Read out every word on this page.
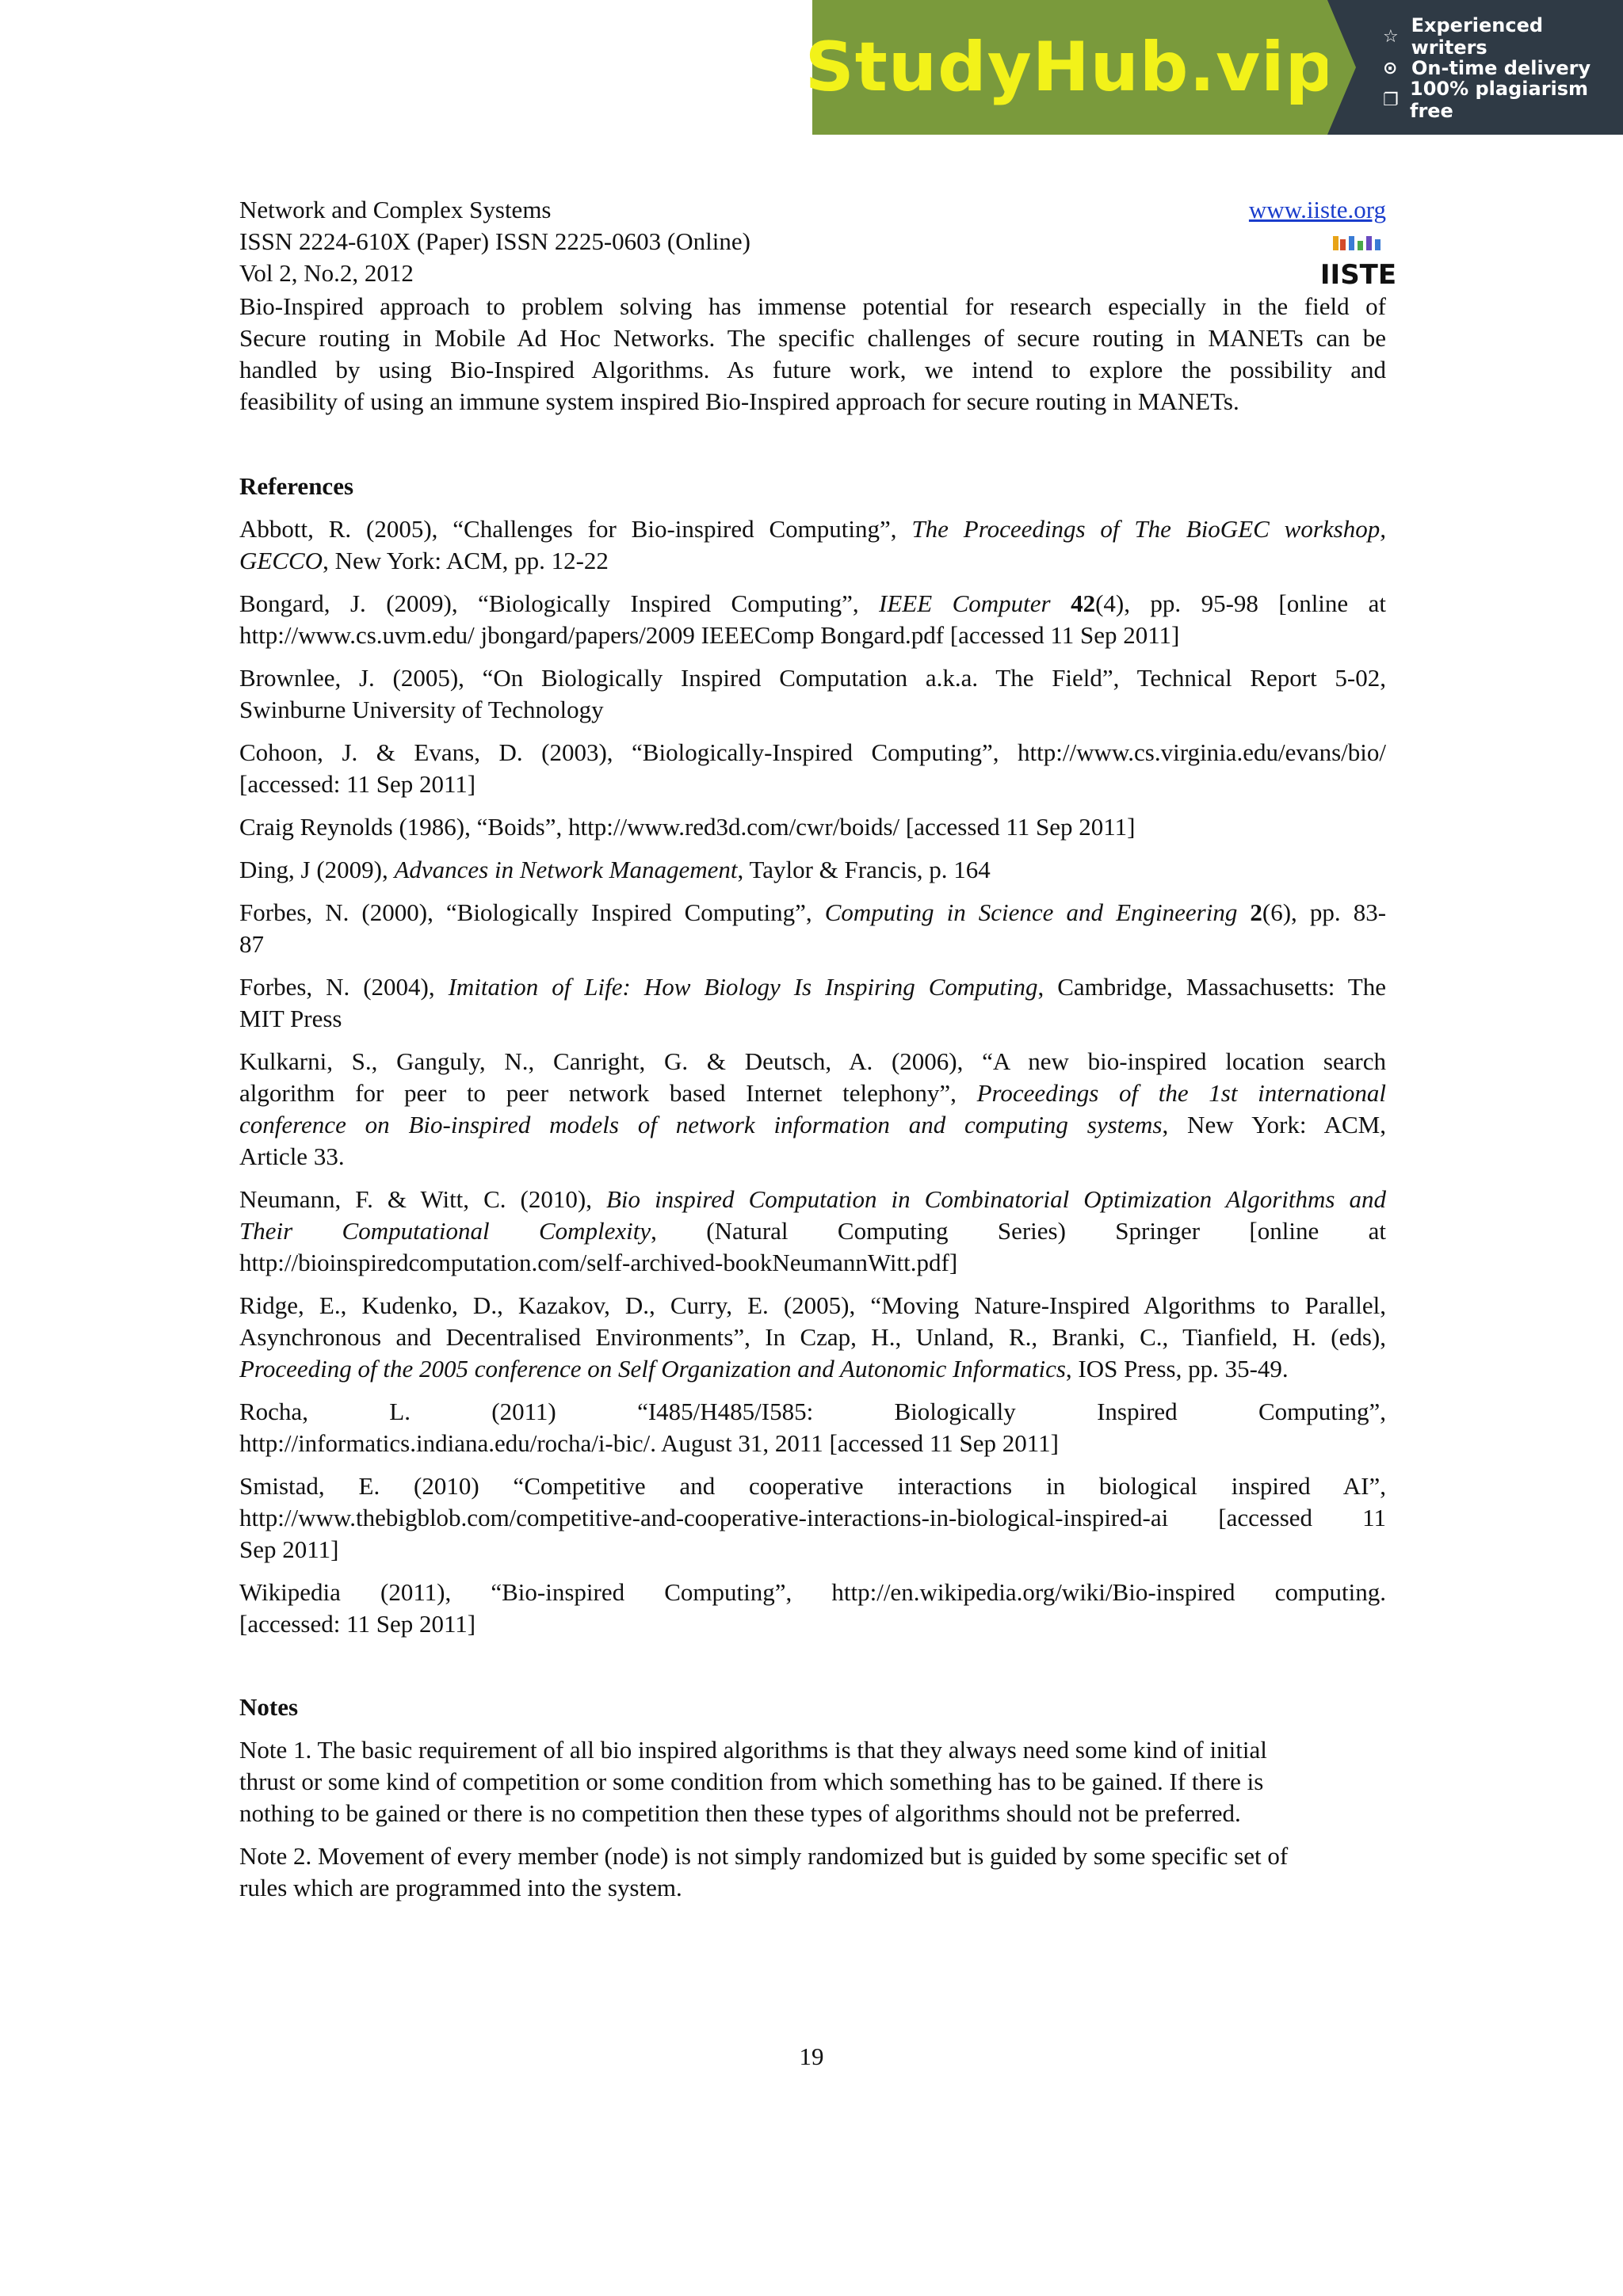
StudyHub.vip	☆ Experienced writers
⊙ On-time delivery
❐ 100% plagiarism free
Network and Complex Systems	www.iiste.org
ISSN 2224-610X (Paper) ISSN 2225-0603 (Online)
Vol 2, No.2, 2012	IISTE
Bio-Inspired approach to problem solving has immense potential for research especially in the field of
Secure routing in Mobile Ad Hoc Networks. The specific challenges of secure routing in MANETs can be
handled by using Bio-Inspired Algorithms. As future work, we intend to explore the possibility and
feasibility of using an immune system inspired Bio-Inspired approach for secure routing in MANETs.
References
Abbott, R. (2005), “Challenges for Bio-inspired Computing”, The Proceedings of The BioGEC workshop,
GECCO, New York: ACM, pp. 12-22
Bongard, J. (2009), “Biologically Inspired Computing”, IEEE Computer 42(4), pp. 95-98 [online at
http://www.cs.uvm.edu/ jbongard/papers/2009 IEEEComp Bongard.pdf [accessed 11 Sep 2011]
Brownlee, J. (2005), “On Biologically Inspired Computation a.k.a. The Field”, Technical Report 5-02,
Swinburne University of Technology
Cohoon, J. & Evans, D. (2003), “Biologically-Inspired Computing”, http://www.cs.virginia.edu/evans/bio/
[accessed: 11 Sep 2011]
Craig Reynolds (1986), “Boids”, http://www.red3d.com/cwr/boids/ [accessed 11 Sep 2011]
Ding, J (2009), Advances in Network Management, Taylor & Francis, p. 164
Forbes, N. (2000), “Biologically Inspired Computing”, Computing in Science and Engineering 2(6), pp. 83-
87
Forbes, N. (2004), Imitation of Life: How Biology Is Inspiring Computing, Cambridge, Massachusetts: The
MIT Press
Kulkarni, S., Ganguly, N., Canright, G. & Deutsch, A. (2006), “A new bio-inspired location search
algorithm for peer to peer network based Internet telephony”, Proceedings of the 1st international
conference on Bio-inspired models of network information and computing systems, New York: ACM,
Article 33.
Neumann, F. & Witt, C. (2010), Bio inspired Computation in Combinatorial Optimization Algorithms and
Their Computational Complexity, (Natural Computing Series) Springer [online at
http://bioinspiredcomputation.com/self-archived-bookNeumannWitt.pdf]
Ridge, E., Kudenko, D., Kazakov, D., Curry, E. (2005), “Moving Nature-Inspired Algorithms to Parallel,
Asynchronous and Decentralised Environments”, In Czap, H., Unland, R., Branki, C., Tianfield, H. (eds),
Proceeding of the 2005 conference on Self Organization and Autonomic Informatics, IOS Press, pp. 35-49.
Rocha, L. (2011) “I485/H485/I585: Biologically Inspired Computing”,
http://informatics.indiana.edu/rocha/i-bic/. August 31, 2011 [accessed 11 Sep 2011]
Smistad, E. (2010) “Competitive and cooperative interactions in biological inspired AI”,
http://www.thebigblob.com/competitive-and-cooperative-interactions-in-biological-inspired-ai [accessed 11
Sep 2011]
Wikipedia (2011), “Bio-inspired Computing”, http://en.wikipedia.org/wiki/Bio-inspired computing.
[accessed: 11 Sep 2011]
Notes
Note 1. The basic requirement of all bio inspired algorithms is that they always need some kind of initial
thrust or some kind of competition or some condition from which something has to be gained. If there is
nothing to be gained or there is no competition then these types of algorithms should not be preferred.
Note 2. Movement of every member (node) is not simply randomized but is guided by some specific set of
rules which are programmed into the system.
19
